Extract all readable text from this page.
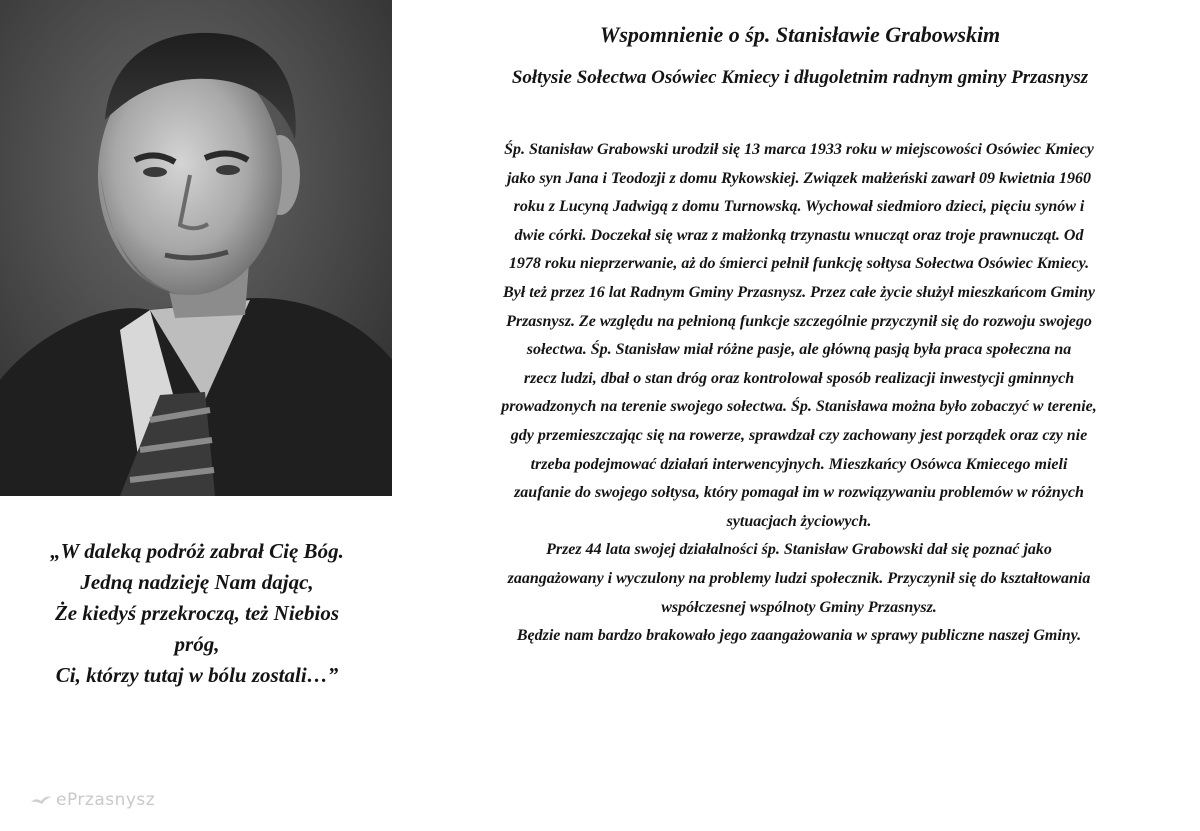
Wspomnienie o śp. Stanisławie Grabowskim
Sołtysie Sołectwa Osówiec Kmiecy i długoletnim radnym gminy Przasnysz
Śp. Stanisław Grabowski urodził się 13 marca 1933 roku w miejscowości Osówiec Kmiecy
jako syn Jana i Teodozji z domu Rykowskiej. Związek małżeński zawarł 09 kwietnia 1960
roku z Lucyną Jadwigą z domu Turnowską. Wychował siedmioro dzieci, pięciu synów i
dwie córki. Doczekał się wraz z małżonką trzynastu wnucząt oraz troje prawnucząt. Od
1978 roku nieprzerwanie, aż do śmierci pełnił funkcję sołtysa Sołectwa Osówiec Kmiecy.
Był też przez 16 lat Radnym Gminy Przasnysz. Przez całe życie służył mieszkańcom Gminy
Przasnysz. Ze względu na pełnioną funkcje szczególnie przyczynił się do rozwoju swojego
sołectwa. Śp. Stanisław miał różne pasje, ale główną pasją była praca społeczna na
rzecz ludzi, dbał o stan dróg oraz kontrolował sposób realizacji inwestycji gminnych
prowadzonych na terenie swojego sołectwa. Śp. Stanisława można było zobaczyć w terenie,
gdy przemieszczając się na rowerze, sprawdzał czy zachowany jest porządek oraz czy nie
trzeba podejmować działań interwencyjnych. Mieszkańcy Osówca Kmiecego mieli
zaufanie do swojego sołtysa, który pomagał im w rozwiązywaniu problemów w różnych
sytuacjach życiowych.
Przez 44 lata swojej działalności śp. Stanisław Grabowski dał się poznać jako
zaangażowany i wyczulony na problemy ludzi społecznik. Przyczynił się do kształtowania
współczesnej wspólnoty Gminy Przasnysz.
Będzie nam bardzo brakowało jego zaangażowania w sprawy publiczne naszej Gminy.
„W daleką podróż zabrał Cię Bóg.
Jedną nadzieję Nam dając,
Że kiedyś przekroczą, też Niebios
próg,
Ci, którzy tutaj w bólu zostali…”
ePrzasnysz
